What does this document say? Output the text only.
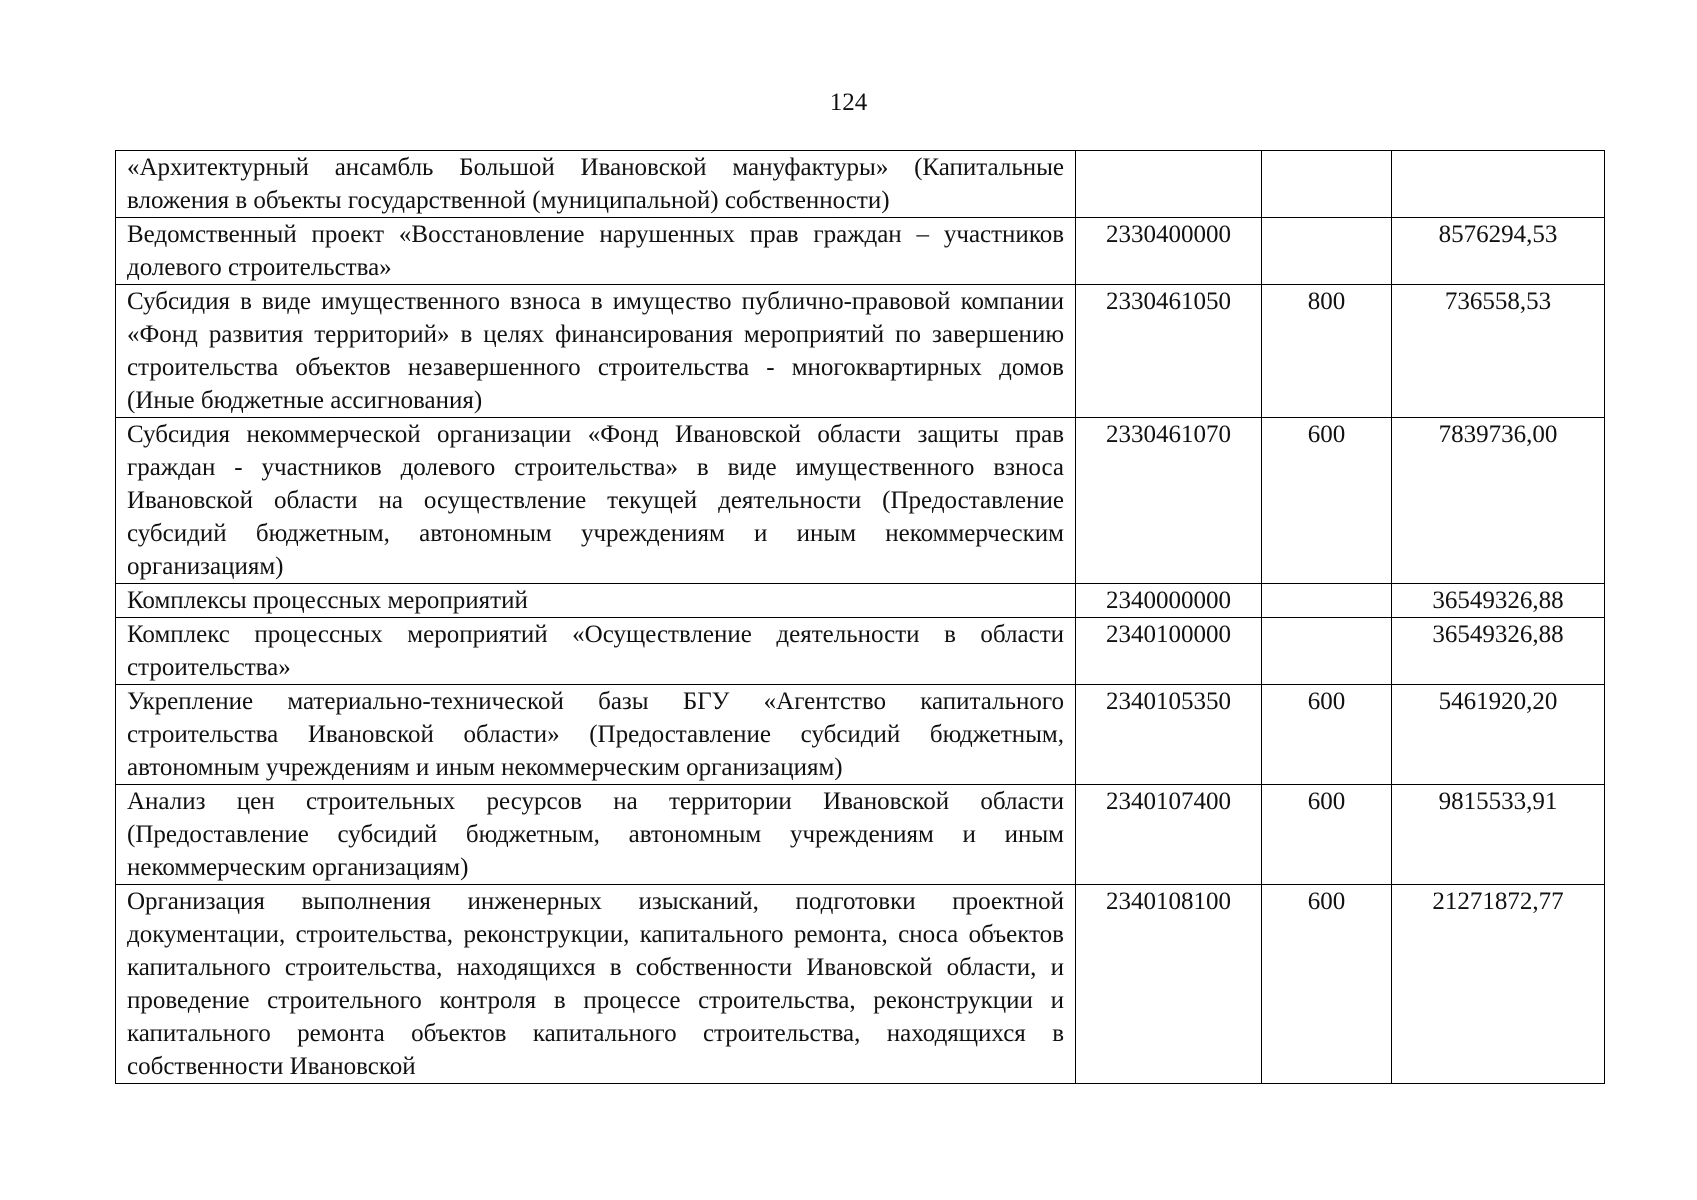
124
«Архитектурный ансамбль Большой Ивановской мануфактуры» (Капитальные вложения в объекты государственной (муниципальной) собственности)			
Ведомственный проект «Восстановление нарушенных прав граждан – участников долевого строительства»	2330400000		8576294,53
Субсидия в виде имущественного взноса в имущество публично-правовой компании «Фонд развития территорий» в целях финансирования мероприятий по завершению строительства объектов незавершенного строительства - многоквартирных домов (Иные бюджетные ассигнования)	2330461050	800	736558,53
Субсидия некоммерческой организации «Фонд Ивановской области защиты прав граждан - участников долевого строительства» в виде имущественного взноса Ивановской области на осуществление текущей деятельности (Предоставление субсидий бюджетным, автономным учреждениям и иным некоммерческим организациям)	2330461070	600	7839736,00
Комплексы процессных мероприятий	2340000000		36549326,88
Комплекс процессных мероприятий «Осуществление деятельности в области строительства»	2340100000		36549326,88
Укрепление материально-технической базы БГУ «Агентство капитального строительства Ивановской области» (Предоставление субсидий бюджетным, автономным учреждениям и иным некоммерческим организациям)	2340105350	600	5461920,20
Анализ цен строительных ресурсов на территории Ивановской области (Предоставление субсидий бюджетным, автономным учреждениям и иным некоммерческим организациям)	2340107400	600	9815533,91
Организация выполнения инженерных изысканий, подготовки проектной документации, строительства, реконструкции, капитального ремонта, сноса объектов капитального строительства, находящихся в собственности Ивановской области, и проведение строительного контроля в процессе строительства, реконструкции и капитального ремонта объектов капитального строительства, находящихся в собственности Ивановской	2340108100	600	21271872,77
